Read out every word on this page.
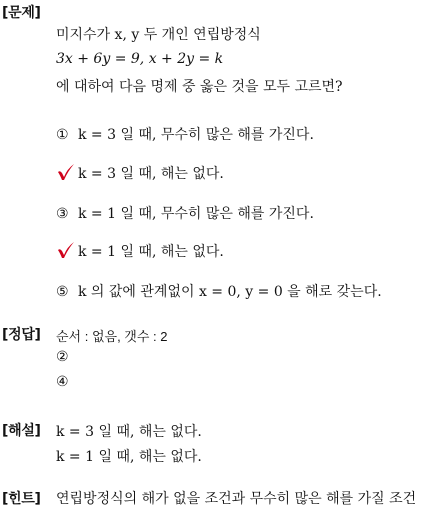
[문제]
미지수가 x, y 두 개인 연립방정식
3x + 6y = 9, x + 2y = k
에 대하여 다음 명제 중 옳은 것을 모두 고르면?
① k = 3 일 때, 무수히 많은 해를 가진다.
k = 3 일 때, 해는 없다.
③ k = 1 일 때, 무수히 많은 해를 가진다.
k = 1 일 때, 해는 없다.
⑤ k 의 값에 관계없이 x = 0, y = 0 을 해로 갖는다.
[정답] 순서 : 없음, 갯수 : 2
②
④
[해설] k = 3 일 때, 해는 없다.
k = 1 일 때, 해는 없다.
[힌트] 연립방정식의 해가 없을 조건과 무수히 많은 해를 가질 조건
